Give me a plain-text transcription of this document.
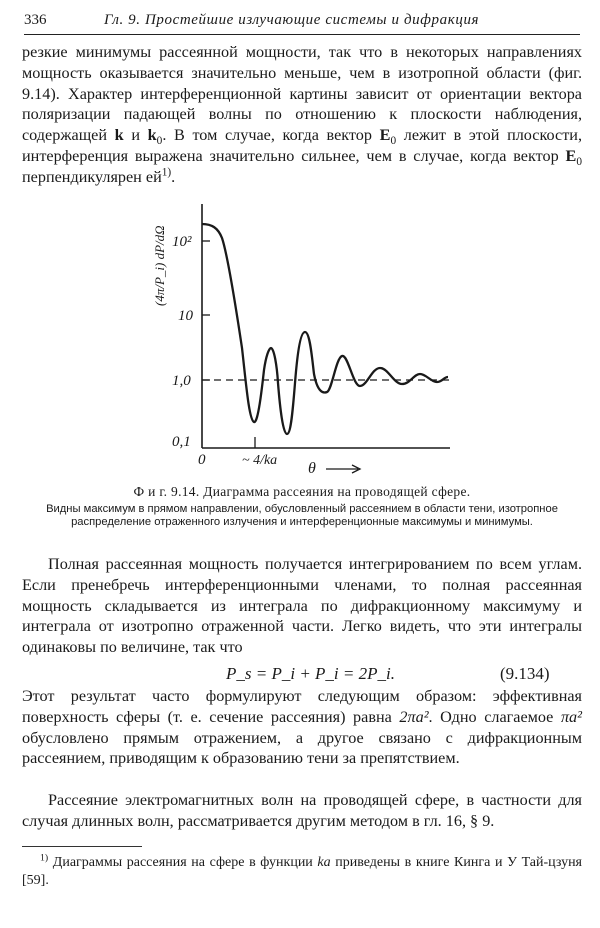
336	Гл. 9. Простейшие излучающие системы и дифракция

резкие минимумы рассеянной мощности, так что в некоторых направлениях мощность оказывается значительно меньше, чем в изотропной области (фиг. 9.14). Характер интерференционной картины зависит от ориентации вектора поляризации падающей волны по отношению к плоскости наблюдения, содержащей k и $k_0$. В том случае, когда вектор $E_0$ лежит в этой плоскости, интерференция выражена значительно сильнее, чем в случае, когда вектор $E_0$ перпендикулярен $ей^{1)}$.

10²
10
1,0
0,1
(4π/P_i) dP/dΩ
0	~ 4/ka θ

Ф и г. 9.14. Диаграмма рассеяния на проводящей сфере.

Видны максимум в прямом направлении, обусловленный рассеянием в области тени, изотропное распределение отраженного излучения и интерференционные максимумы и минимумы.

Полная рассеянная мощность получается интегрированием по всем углам. Если пренебречь интерференционными членами, то полная рассеянная мощность складывается из интеграла по дифракционному максимуму и интеграла от изотропно отраженной части. Легко видеть, что эти интегралы одинаковы по величине, так что

P_s = P_i + P_i = 2P_i.	(9.134)

Этот результат часто формулируют следующим образом: эффективная поверхность сферы (т. е. сечение рассеяния) равна 2πa². Одно слагаемое πa² обусловлено прямым отражением, а другое связано с дифракционным рассеянием, приводящим к образованию тени за препятствием.

Рассеяние электромагнитных волн на проводящей сфере, в частности для случая длинных волн, рассматривается другим методом в гл. 16, § 9.

$^{1)}$ Диаграммы рассеяния на сфере в функции ka приведены в книге Кинга и У Тай-цзуня [59].
